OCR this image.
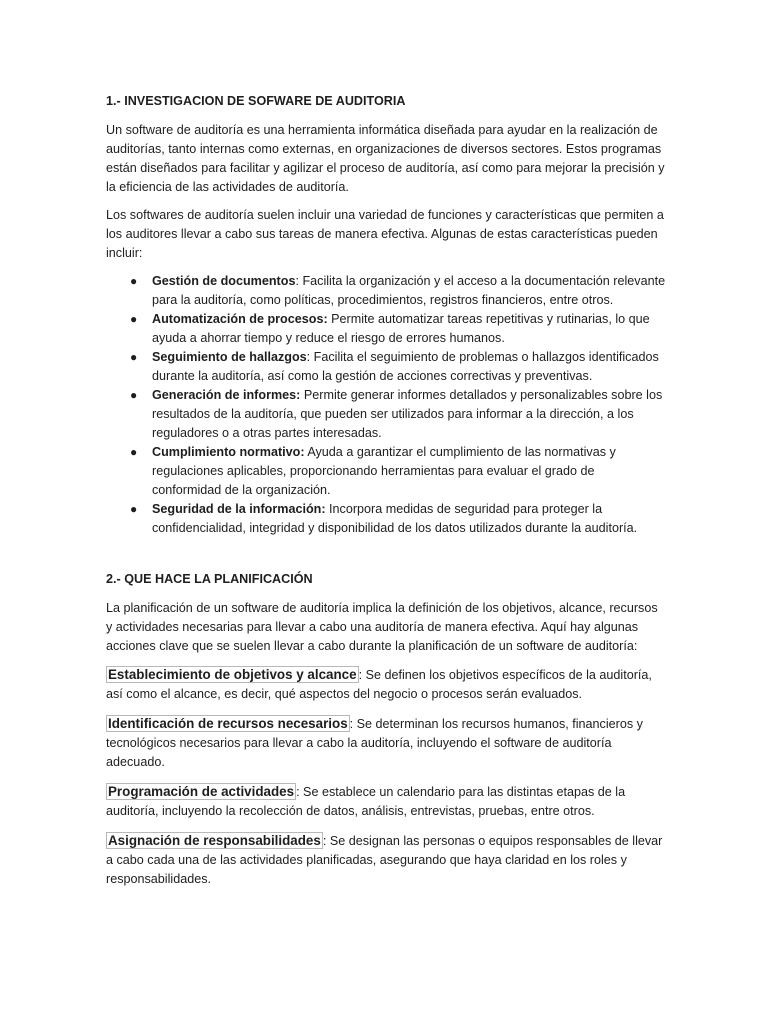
1.- INVESTIGACION DE SOFWARE DE AUDITORIA

Un software de auditoría es una herramienta informática diseñada para ayudar en la realización de auditorías, tanto internas como externas, en organizaciones de diversos sectores. Estos programas están diseñados para facilitar y agilizar el proceso de auditoría, así como para mejorar la precisión y la eficiencia de las actividades de auditoría.

Los softwares de auditoría suelen incluir una variedad de funciones y características que permiten a los auditores llevar a cabo sus tareas de manera efectiva. Algunas de estas características pueden incluir:

● Gestión de documentos: Facilita la organización y el acceso a la documentación relevante para la auditoría, como políticas, procedimientos, registros financieros, entre otros.
● Automatización de procesos: Permite automatizar tareas repetitivas y rutinarias, lo que ayuda a ahorrar tiempo y reduce el riesgo de errores humanos.
● Seguimiento de hallazgos: Facilita el seguimiento de problemas o hallazgos identificados durante la auditoría, así como la gestión de acciones correctivas y preventivas.
● Generación de informes: Permite generar informes detallados y personalizables sobre los resultados de la auditoría, que pueden ser utilizados para informar a la dirección, a los reguladores o a otras partes interesadas.
● Cumplimiento normativo: Ayuda a garantizar el cumplimiento de las normativas y regulaciones aplicables, proporcionando herramientas para evaluar el grado de conformidad de la organización.
● Seguridad de la información: Incorpora medidas de seguridad para proteger la confidencialidad, integridad y disponibilidad de los datos utilizados durante la auditoría.
2.- QUE HACE LA PLANIFICACIÓN

La planificación de un software de auditoría implica la definición de los objetivos, alcance, recursos y actividades necesarias para llevar a cabo una auditoría de manera efectiva. Aquí hay algunas acciones clave que se suelen llevar a cabo durante la planificación de un software de auditoría:

Establecimiento de objetivos y alcance : Se definen los objetivos específicos de la auditoría, así como el alcance, es decir, qué aspectos del negocio o procesos serán evaluados.

Identificación de recursos necesarios : Se determinan los recursos humanos, financieros y tecnológicos necesarios para llevar a cabo la auditoría, incluyendo el software de auditoría adecuado.

Programación de actividades : Se establece un calendario para las distintas etapas de la auditoría, incluyendo la recolección de datos, análisis, entrevistas, pruebas, entre otros.

Asignación de responsabilidades : Se designan las personas o equipos responsables de llevar a cabo cada una de las actividades planificadas, asegurando que haya claridad en los roles y responsabilidades.
